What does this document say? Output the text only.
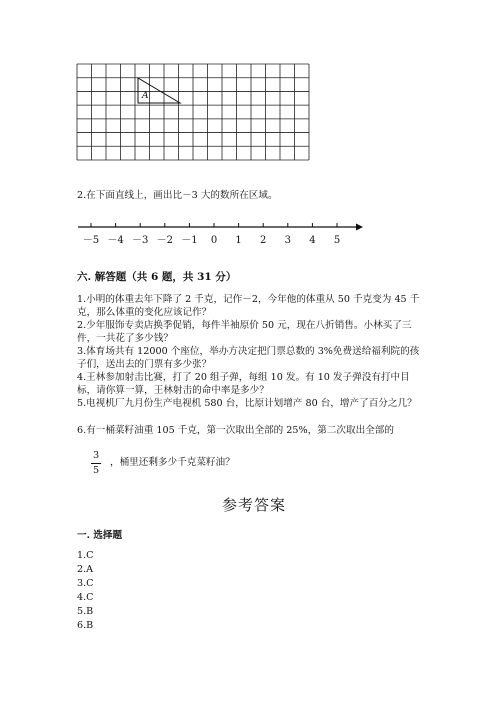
A
2.在下面直线上，画出比－3 大的数所在区域。
－5 －4 －3 －2 －1 0 1 2 3 4 5
六. 解答题（共 6 题，共 31 分）
1.小明的体重去年下降了 2 千克，记作－2，今年他的体重从 50 千克变为 45 千
克，那么体重的变化应该记作？
2.少年服饰专卖店换季促销，每件半袖原价 50 元，现在八折销售。小林买了三
件，一共花了多少钱？
3.体育场共有 12000 个座位，举办方决定把门票总数的 3%免费送给福利院的孩
子们，送出去的门票有多少张？
4.王林参加射击比赛，打了 20 组子弹，每组 10 发。有 10 发子弹没有打中目
标，请你算一算，王林射击的命中率是多少？
5.电视机厂九月份生产电视机 580 台，比原计划增产 80 台，增产了百分之几？
6.有一桶菜籽油重 105 千克，第一次取出全部的 25%，第二次取出全部的
3
5
，桶里还剩多少千克菜籽油？
参考答案
一. 选择题
1.C
2.A
3.C
4.C
5.B
6.B
